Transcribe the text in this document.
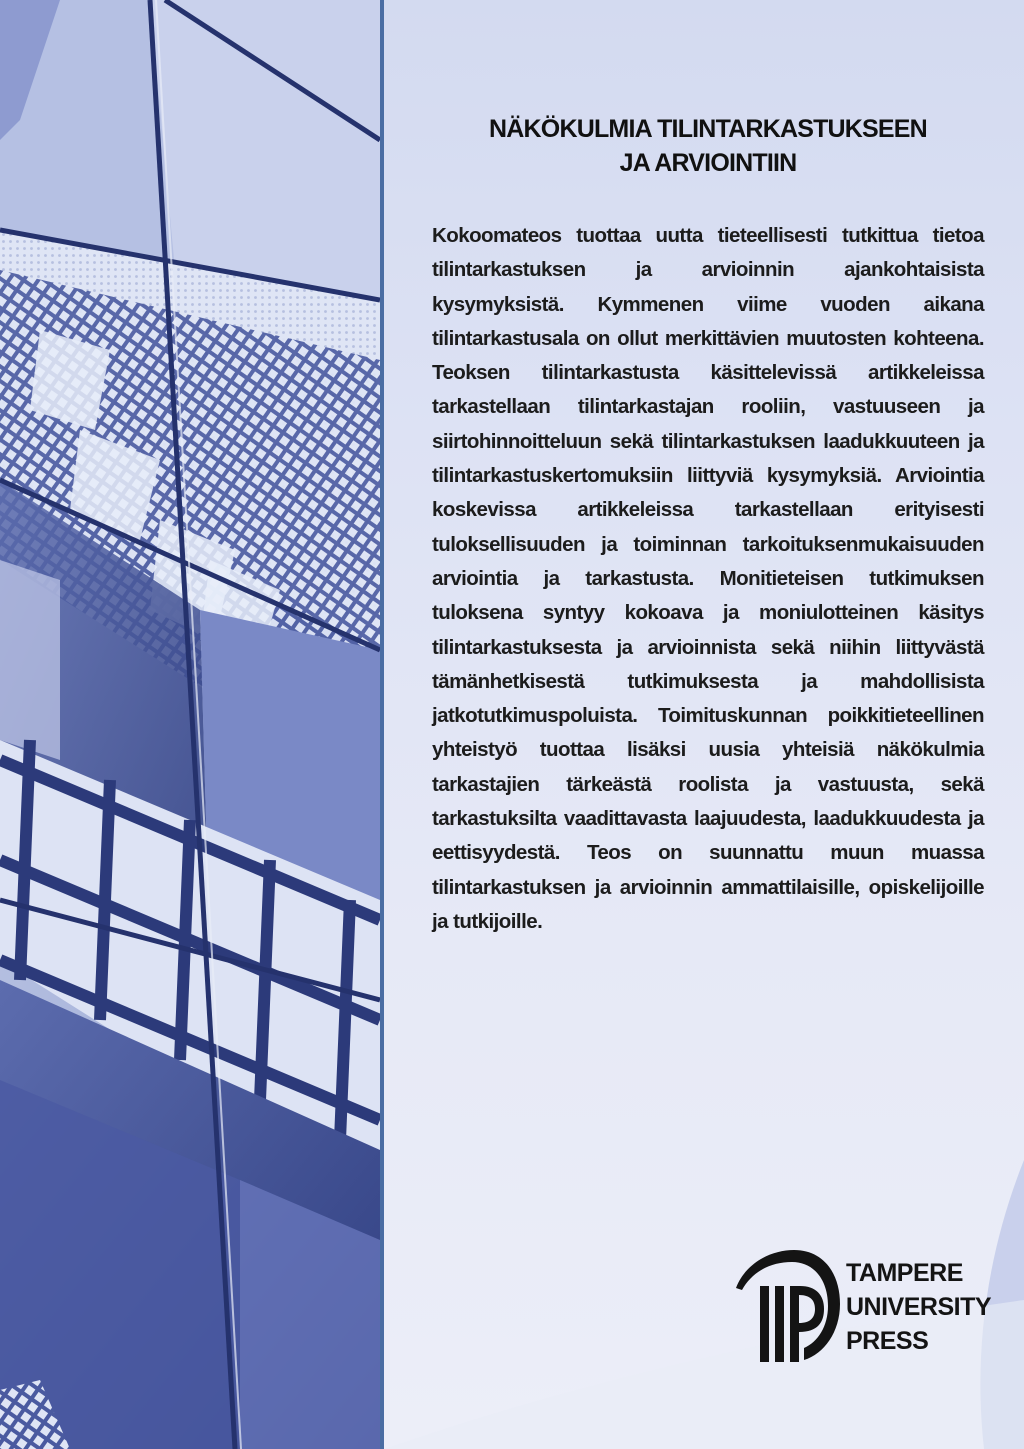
NÄKÖKULMIA TILINTARKASTUKSEEN
JA ARVIOINTIIN

Kokoomateos tuottaa uutta tieteellisesti tutkittua tietoa tilintarkastuksen ja arvioinnin ajankohtaisista kysymyksistä. Kymmenen viime vuoden aikana tilintarkastusala on ollut merkittävien muutosten kohteena. Teoksen tilintarkastusta käsittelevissä artikkeleissa tarkastellaan tilintarkastajan rooliin, vastuuseen ja siirtohinnoitteluun sekä tilintarkastuksen laadukkuuteen ja tilintarkastuskertomuksiin liittyviä kysymyksiä. Arviointia koskevissa artikkeleissa tarkastellaan erityisesti tuloksellisuuden ja toiminnan tarkoituksenmukaisuuden arviointia ja tarkastusta. Monitieteisen tutkimuksen tuloksena syntyy kokoava ja moniulotteinen käsitys tilintarkastuksesta ja arvioinnista sekä niihin liittyvästä tämänhetkisestä tutkimuksesta ja mahdollisista jatkotutkimuspoluista. Toimituskunnan poikkitieteellinen yhteistyö tuottaa lisäksi uusia yhteisiä näkökulmia tarkastajien tärkeästä roolista ja vastuusta, sekä tarkastuksilta vaadittavasta laajuudesta, laadukkuudesta ja eettisyydestä. Teos on suunnattu muun muassa tilintarkastuksen ja arvioinnin ammattilaisille, opiskelijoille ja tutkijoille.

TAMPERE
UNIVERSITY
PRESS
